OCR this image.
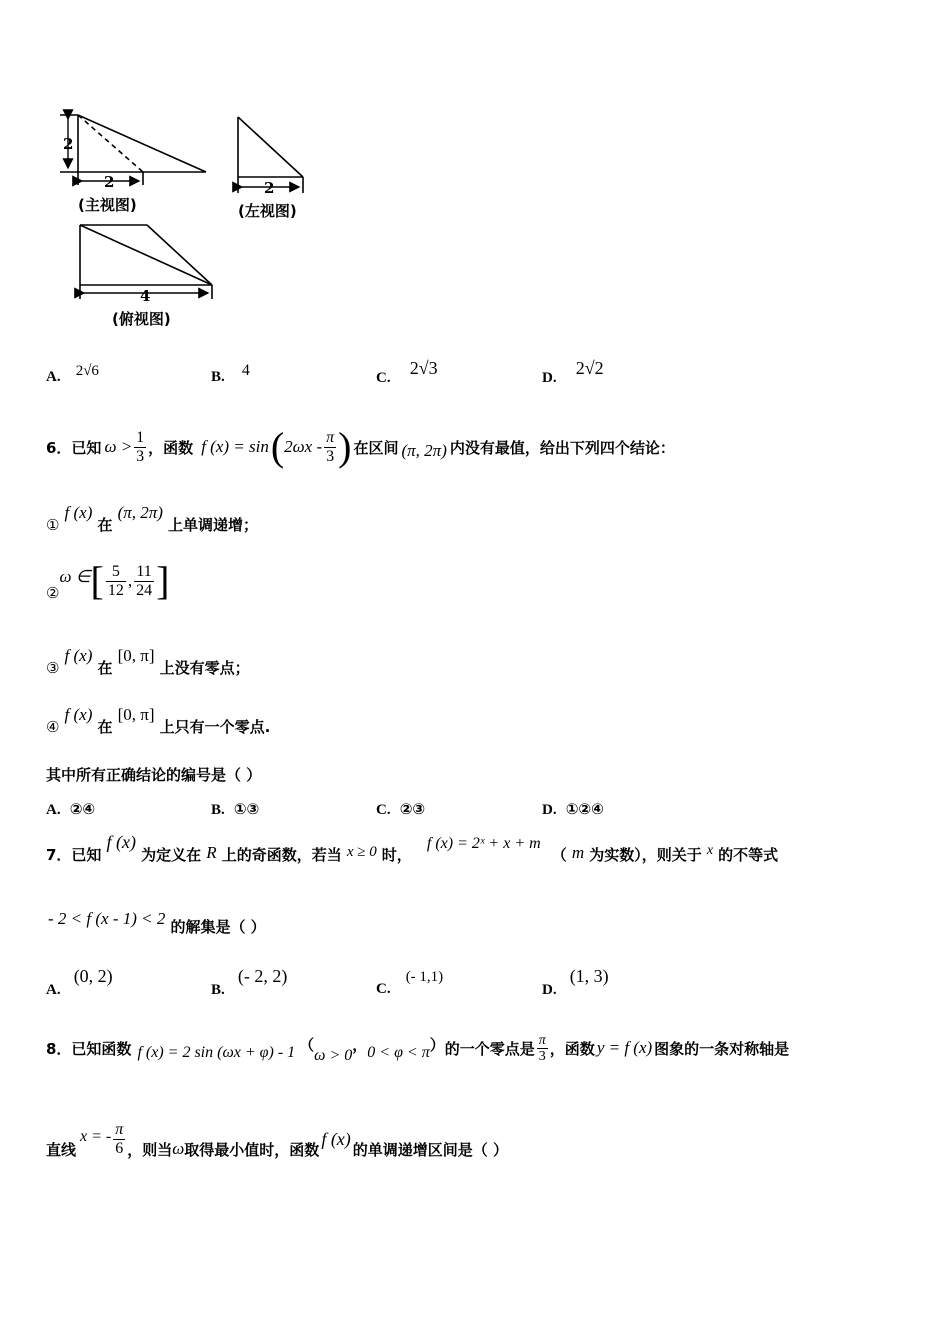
2
2	2
4
(主视图)	(左视图)
(俯视图)
A. 2√6	B. 4	C. 2√3	D. 2√2
6．已知 $\omega > \frac{1}{3}$ ，函数 f (x) = sin ( $2\omega x - \frac{\pi}{3}$ ) 在区间 (π, 2π) 内没有最值，给出下列四个结论：
① f (x) 在 (π, 2π) 上单调递增；
②
ω ∈ [ $\frac{5}{12}$ , $\frac{11}{24}$ ]
③ f (x) 在 [0, π] 上没有零点；
④ f (x) 在 [0, π] 上只有一个零点.
其中所有正确结论的编号是（ ）
A. ②④	B. ①③	C. ②③	D. ①②④
7．已知 f (x) 为定义在 R 上的奇函数，若当 x ≥ 0 时， f (x) = 2ˣ + x + m （ m 为实数），则关于 x 的不等式
- 2 < f (x - 1) < 2 的解集是（ ）
A. (0, 2)
B. (- 2, 2)
C. (- 1,1)
D. (1, 3)
8．已知函数 f (x) = 2 sin (ωx + φ) - 1 （
ω > 0
， 0 < φ < π ） 的一个零点是 $\frac{\pi}{3}$ ，函数 y = f (x) 图象的一条对称轴是
直线
x = - $\frac{\pi}{6}$ ，则当 ω 取得最小值时，函数
f (x)
的单调递增区间是（ ）
